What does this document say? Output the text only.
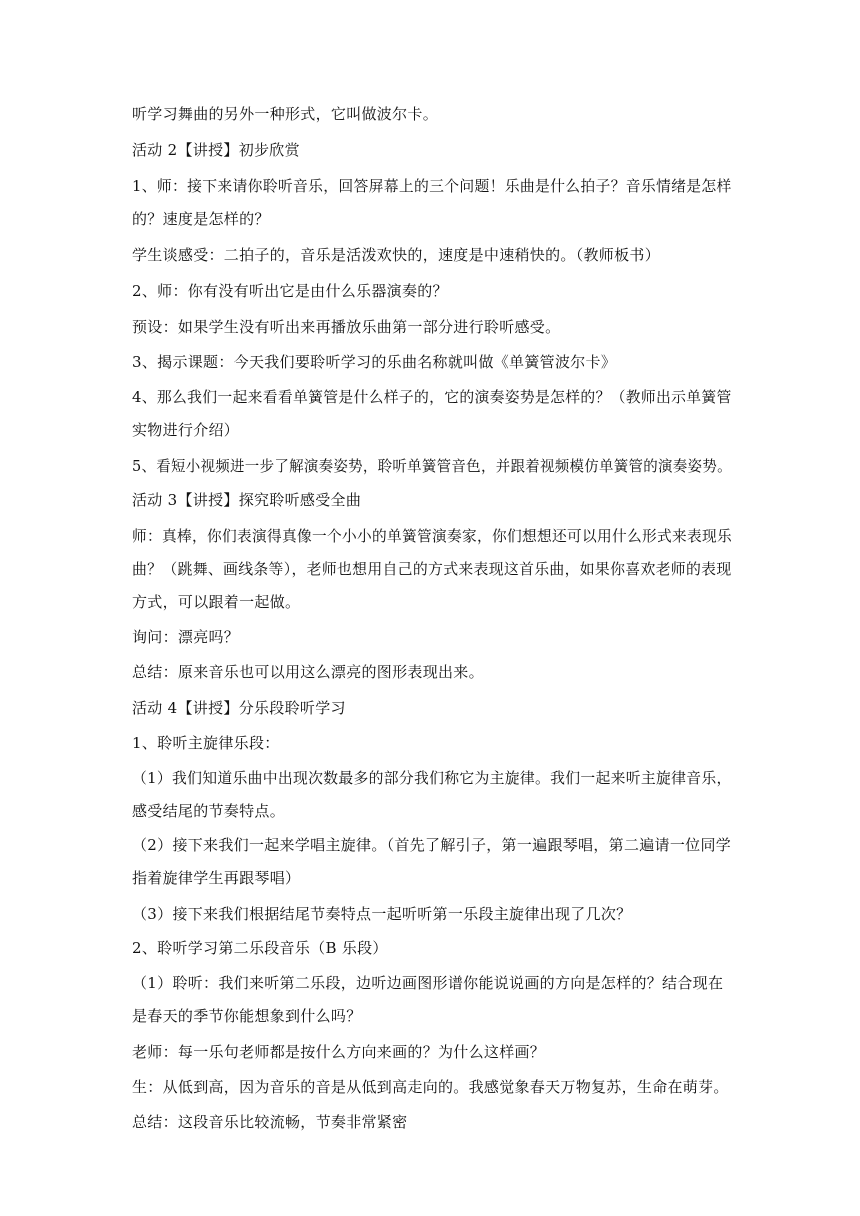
听学习舞曲的另外一种形式，它叫做波尔卡。
活动 2【讲授】初步欣赏
1、师：接下来请你聆听音乐，回答屏幕上的三个问题！乐曲是什么拍子？音乐情绪是怎样
的？速度是怎样的？
学生谈感受：二拍子的，音乐是活泼欢快的，速度是中速稍快的。（教师板书）
2、师：你有没有听出它是由什么乐器演奏的？
预设：如果学生没有听出来再播放乐曲第一部分进行聆听感受。
3、揭示课题：今天我们要聆听学习的乐曲名称就叫做《单簧管波尔卡》
4、那么我们一起来看看单簧管是什么样子的，它的演奏姿势是怎样的？（教师出示单簧管
实物进行介绍）
5、看短小视频进一步了解演奏姿势，聆听单簧管音色，并跟着视频模仿单簧管的演奏姿势。
活动 3【讲授】探究聆听感受全曲
师：真棒，你们表演得真像一个小小的单簧管演奏家，你们想想还可以用什么形式来表现乐
曲？（跳舞、画线条等），老师也想用自己的方式来表现这首乐曲，如果你喜欢老师的表现
方式，可以跟着一起做。
询问：漂亮吗？
总结：原来音乐也可以用这么漂亮的图形表现出来。
活动 4【讲授】分乐段聆听学习
1、聆听主旋律乐段：
（1）我们知道乐曲中出现次数最多的部分我们称它为主旋律。我们一起来听主旋律音乐，
感受结尾的节奏特点。
（2）接下来我们一起来学唱主旋律。（首先了解引子，第一遍跟琴唱，第二遍请一位同学
指着旋律学生再跟琴唱）
（3）接下来我们根据结尾节奏特点一起听听第一乐段主旋律出现了几次？
2、聆听学习第二乐段音乐（B 乐段）
（1）聆听：我们来听第二乐段，边听边画图形谱你能说说画的方向是怎样的？结合现在
是春天的季节你能想象到什么吗？
老师：每一乐句老师都是按什么方向来画的？为什么这样画？
生：从低到高，因为音乐的音是从低到高走向的。我感觉象春天万物复苏，生命在萌芽。
总结：这段音乐比较流畅，节奏非常紧密
